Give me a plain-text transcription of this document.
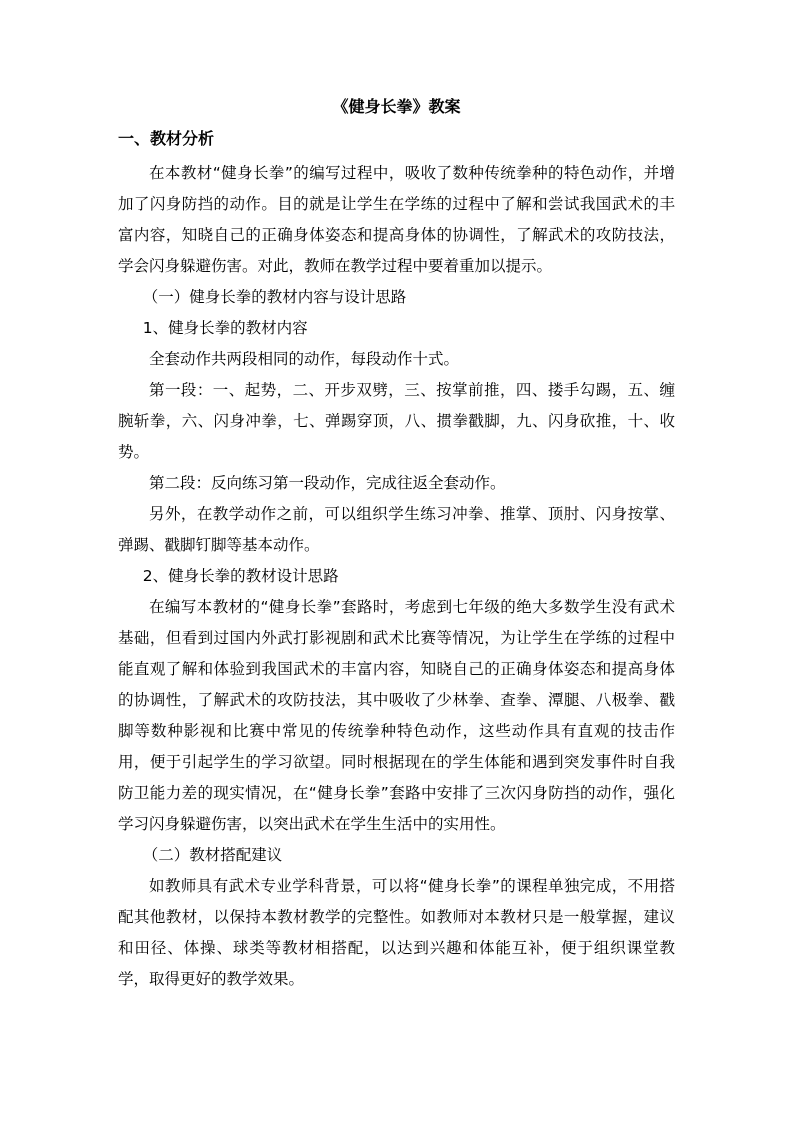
《健身长拳》教案
一、教材分析

在本教材“健身长拳”的编写过程中，吸收了数种传统拳种的特色动作，并增加了闪身防挡的动作。目的就是让学生在学练的过程中了解和尝试我国武术的丰富内容，知晓自己的正确身体姿态和提高身体的协调性，了解武术的攻防技法，学会闪身躲避伤害。对此，教师在教学过程中要着重加以提示。

（一）健身长拳的教材内容与设计思路

1、健身长拳的教材内容

全套动作共两段相同的动作，每段动作十式。

第一段：一、起势，二、开步双劈，三、按掌前推，四、搂手勾踢，五、缠腕斩拳，六、闪身冲拳，七、弹踢穿顶，八、掼拳戳脚，九、闪身砍推，十、收势。

第二段：反向练习第一段动作，完成往返全套动作。

另外，在教学动作之前，可以组织学生练习冲拳、推掌、顶肘、闪身按掌、弹踢、戳脚钉脚等基本动作。

2、健身长拳的教材设计思路

在编写本教材的“健身长拳”套路时，考虑到七年级的绝大多数学生没有武术基础，但看到过国内外武打影视剧和武术比赛等情况，为让学生在学练的过程中能直观了解和体验到我国武术的丰富内容，知晓自己的正确身体姿态和提高身体的协调性，了解武术的攻防技法，其中吸收了少林拳、查拳、潭腿、八极拳、戳脚等数种影视和比赛中常见的传统拳种特色动作，这些动作具有直观的技击作用，便于引起学生的学习欲望。同时根据现在的学生体能和遇到突发事件时自我防卫能力差的现实情况，在“健身长拳”套路中安排了三次闪身防挡的动作，强化学习闪身躲避伤害，以突出武术在学生生活中的实用性。

（二）教材搭配建议

如教师具有武术专业学科背景，可以将“健身长拳”的课程单独完成，不用搭配其他教材，以保持本教材教学的完整性。如教师对本教材只是一般掌握，建议和田径、体操、球类等教材相搭配，以达到兴趣和体能互补，便于组织课堂教学，取得更好的教学效果。
